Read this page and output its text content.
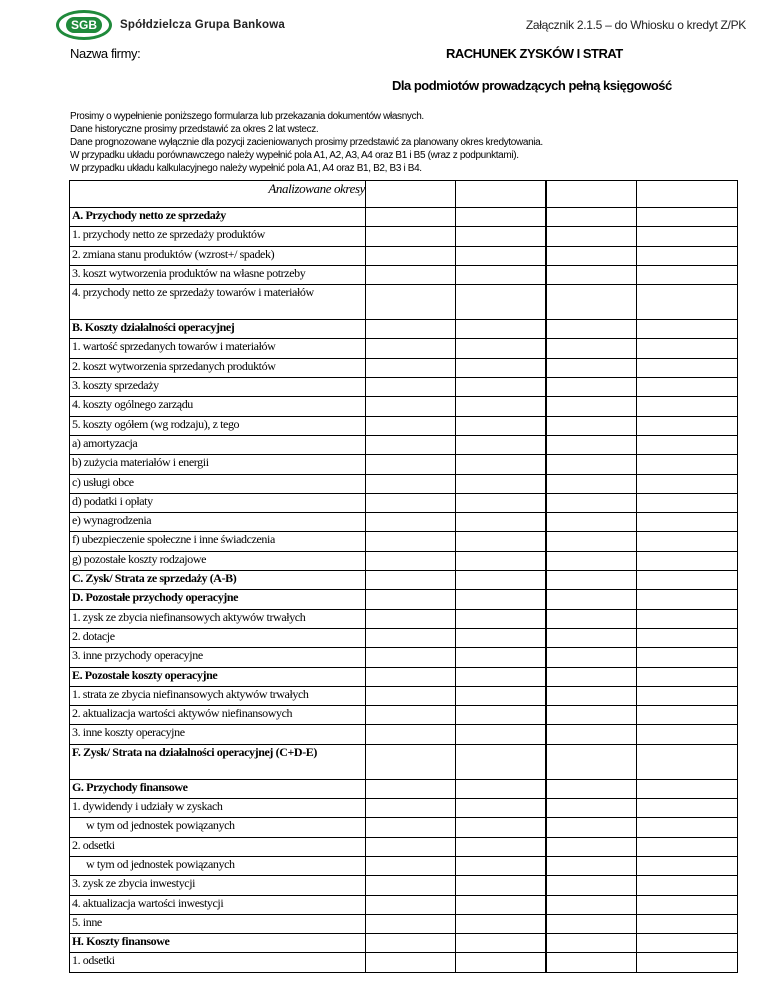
SGB	Spółdzielcza Grupa Bankowa	Załącznik 2.1.5 – do Whiosku o kredyt Z/PK
Nazwa firmy:	RACHUNEK ZYSKÓW I STRAT
Dla podmiotów prowadzących pełną księgowość
Prosimy o wypełnienie poniższego formularza lub przekazania dokumentów własnych.
Dane historyczne prosimy przedstawić za okres 2 lat wstecz.
Dane prognozowane wyłącznie dla pozycji zacieniowanych prosimy przedstawić za planowany okres kredytowania.
W przypadku układu porównawczego należy wypełnić pola A1, A2, A3, A4 oraz B1 i B5 (wraz z podpunktami).
W przypadku układu kalkulacyjnego należy wypełnić pola A1, A4 oraz B1, B2, B3 i B4.
Analizowane okresy				
A. Przychody netto ze sprzedaży				
1. przychody netto ze sprzedaży produktów				
2. zmiana stanu produktów (wzrost+/ spadek)				
3. koszt wytworzenia produktów na własne potrzeby				
4. przychody netto ze sprzedaży towarów i materiałów				
B. Koszty działalności operacyjnej				
1. wartość sprzedanych towarów i materiałów				
2. koszt wytworzenia sprzedanych produktów				
3. koszty sprzedaży				
4. koszty ogólnego zarządu				
5. koszty ogółem (wg rodzaju), z tego				
a) amortyzacja				
b) zużycia materiałów i energii				
c) usługi obce				
d) podatki i opłaty				
e) wynagrodzenia				
f) ubezpieczenie społeczne i inne świadczenia				
g) pozostałe koszty rodzajowe				
C. Zysk/ Strata ze sprzedaży (A-B)				
D. Pozostałe przychody operacyjne				
1. zysk ze zbycia niefinansowych aktywów trwałych				
2. dotacje				
3. inne przychody operacyjne				
E. Pozostałe koszty operacyjne				
1. strata ze zbycia niefinansowych aktywów trwałych				
2. aktualizacja wartości aktywów niefinansowych				
3. inne koszty operacyjne				
F. Zysk/ Strata na działalności operacyjnej (C+D-E)				
G. Przychody finansowe				
1. dywidendy i udziały w zyskach				
w tym od jednostek powiązanych				
2. odsetki				
w tym od jednostek powiązanych				
3. zysk ze zbycia inwestycji				
4. aktualizacja wartości inwestycji				
5. inne				
H. Koszty finansowe				
1. odsetki				
